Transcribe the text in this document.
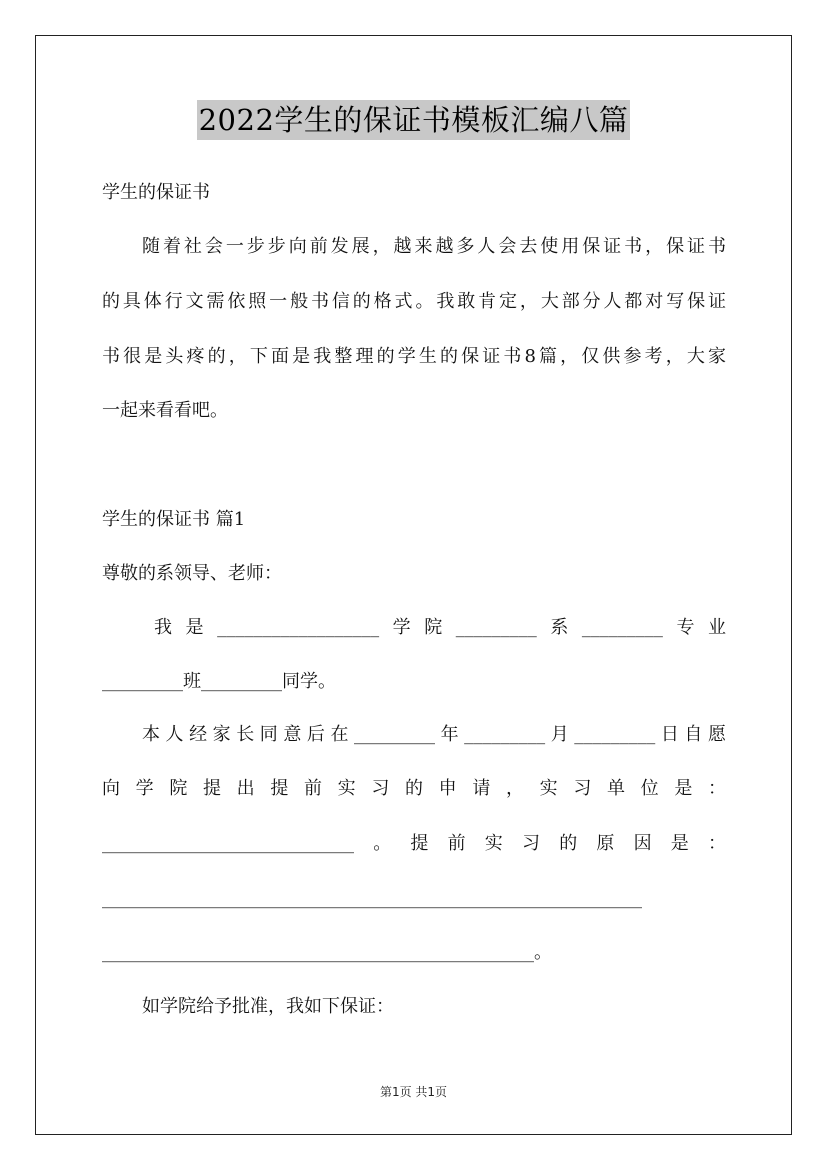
2022学生的保证书模板汇编八篇
学生的保证书
随着社会一步步向前发展，越来越多人会去使用保证书，保证书
的具体行文需依照一般书信的格式。我敢肯定，大部分人都对写保证
书很是头疼的，下面是我整理的学生的保证书8篇，仅供参考，大家
一起来看看吧。
学生的保证书 篇1
尊敬的系领导、老师：
我是__________________学院_________系_________专业
_________班_________同学。
本人经家长同意后在_________年_________月_________日自愿
向学院提出提前实习的申请，实习单位是：
____________________________。提前实习的原因是：
____________________________________________________________
________________________________________________。
如学院给予批准，我如下保证：
第1页 共1页
